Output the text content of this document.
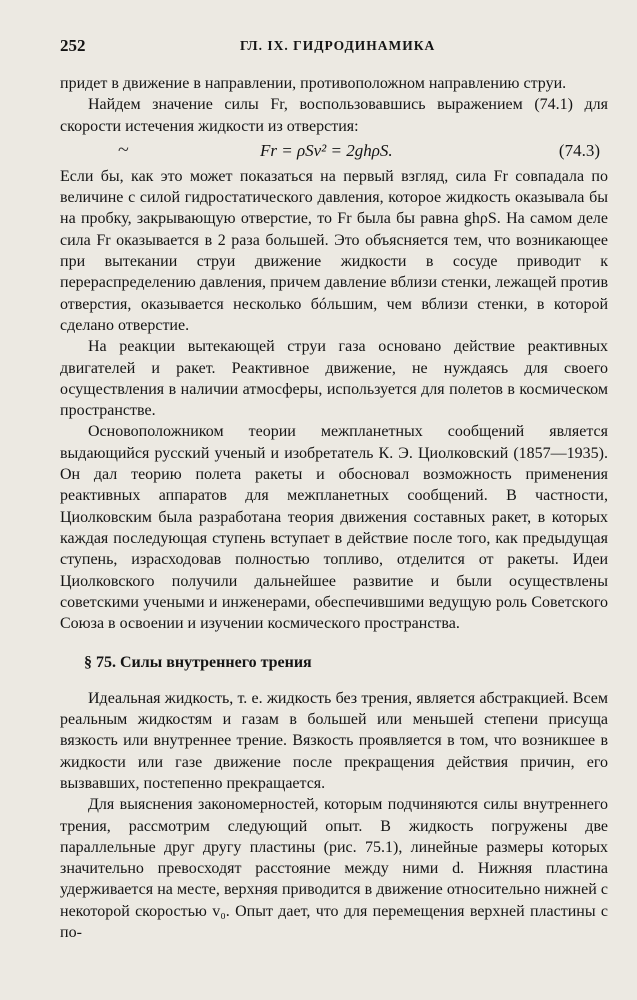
252	ГЛ. IX. ГИДРОДИНАМИКА

придет в движение в направлении, противоположном направлению струи.

Найдем значение силы Fr, воспользовавшись выражением (74.1) для скорости истечения жидкости из отверстия:

~	Fr = ρSv² = 2ghρS.	(74.3)

Если бы, как это может показаться на первый взгляд, сила Fr совпадала по величине с силой гидростатического давления, которое жидкость оказывала бы на пробку, закрывающую отверстие, то Fr была бы равна ghρS. На самом деле сила Fr оказывается в 2 раза большей. Это объясняется тем, что возникающее при вытекании струи движение жидкости в сосуде приводит к перераспределению давления, причем давление вблизи стенки, лежащей против отверстия, оказывается несколько бóльшим, чем вблизи стенки, в которой сделано отверстие.

На реакции вытекающей струи газа основано действие реактивных двигателей и ракет. Реактивное движение, не нуждаясь для своего осуществления в наличии атмосферы, используется для полетов в космическом пространстве.

Основоположником теории межпланетных сообщений является выдающийся русский ученый и изобретатель К. Э. Циолковский (1857—1935). Он дал теорию полета ракеты и обосновал возможность применения реактивных аппаратов для межпланетных сообщений. В частности, Циолковским была разработана теория движения составных ракет, в которых каждая последующая ступень вступает в действие после того, как предыдущая ступень, израсходовав полностью топливо, отделится от ракеты. Идеи Циолковского получили дальнейшее развитие и были осуществлены советскими учеными и инженерами, обеспечившими ведущую роль Советского Союза в освоении и изучении космического пространства.

§ 75. Силы внутреннего трения

Идеальная жидкость, т. е. жидкость без трения, является абстракцией. Всем реальным жидкостям и газам в большей или меньшей степени присуща вязкость или внутреннее трение. Вязкость проявляется в том, что возникшее в жидкости или газе движение после прекращения действия причин, его вызвавших, постепенно прекращается.

Для выяснения закономерностей, которым подчиняются силы внутреннего трения, рассмотрим следующий опыт. В жидкость погружены две параллельные друг другу пластины (рис. 75.1), линейные размеры которых значительно превосходят расстояние между ними d. Нижняя пластина удерживается на месте, верхняя приводится в движение относительно нижней с некоторой скоростью v₀. Опыт дает, что для перемещения верхней пластины с по-
